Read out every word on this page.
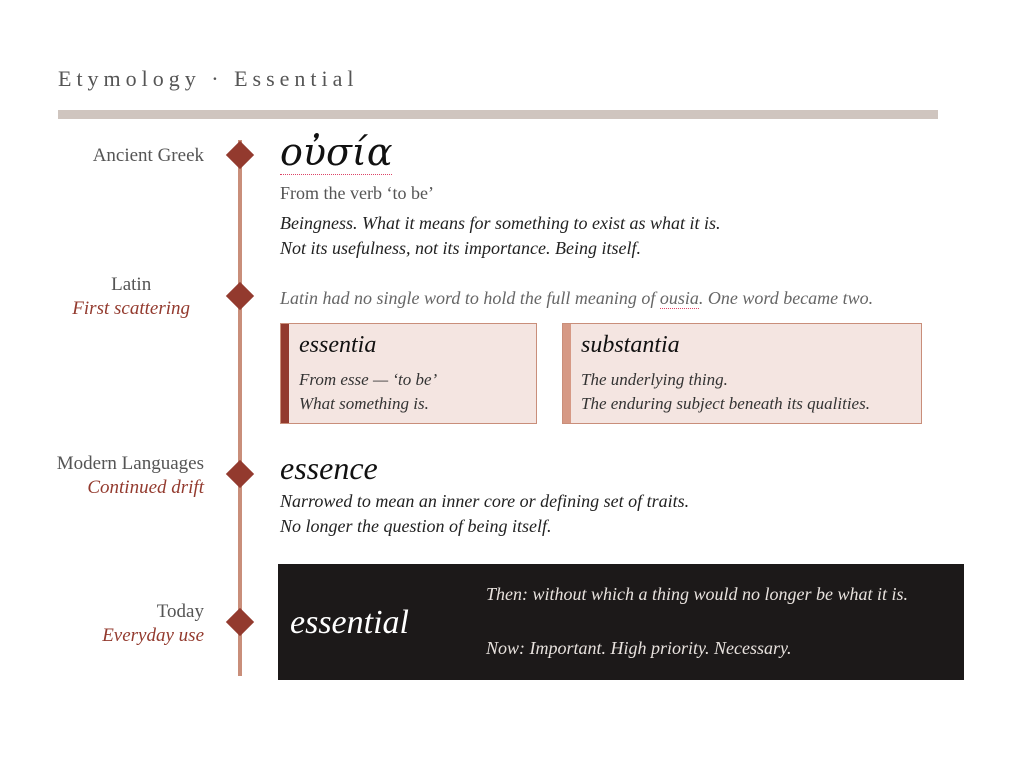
Etymology · Essential
Ancient Greek
Latin
First scattering
Modern Languages
Continued drift
Today
Everyday use
οὐσία
From the verb ‘to be’
Beingness. What it means for something to exist as what it is.
Not its usefulness, not its importance. Being itself.
Latin had no single word to hold the full meaning of ousia. One word became two.
essentia
From esse — ‘to be’
What something is.
substantia
The underlying thing.
The enduring subject beneath its qualities.
essence
Narrowed to mean an inner core or defining set of traits.
No longer the question of being itself.
essential
Then: without which a thing would no longer be what it is.
Now: Important. High priority. Necessary.
